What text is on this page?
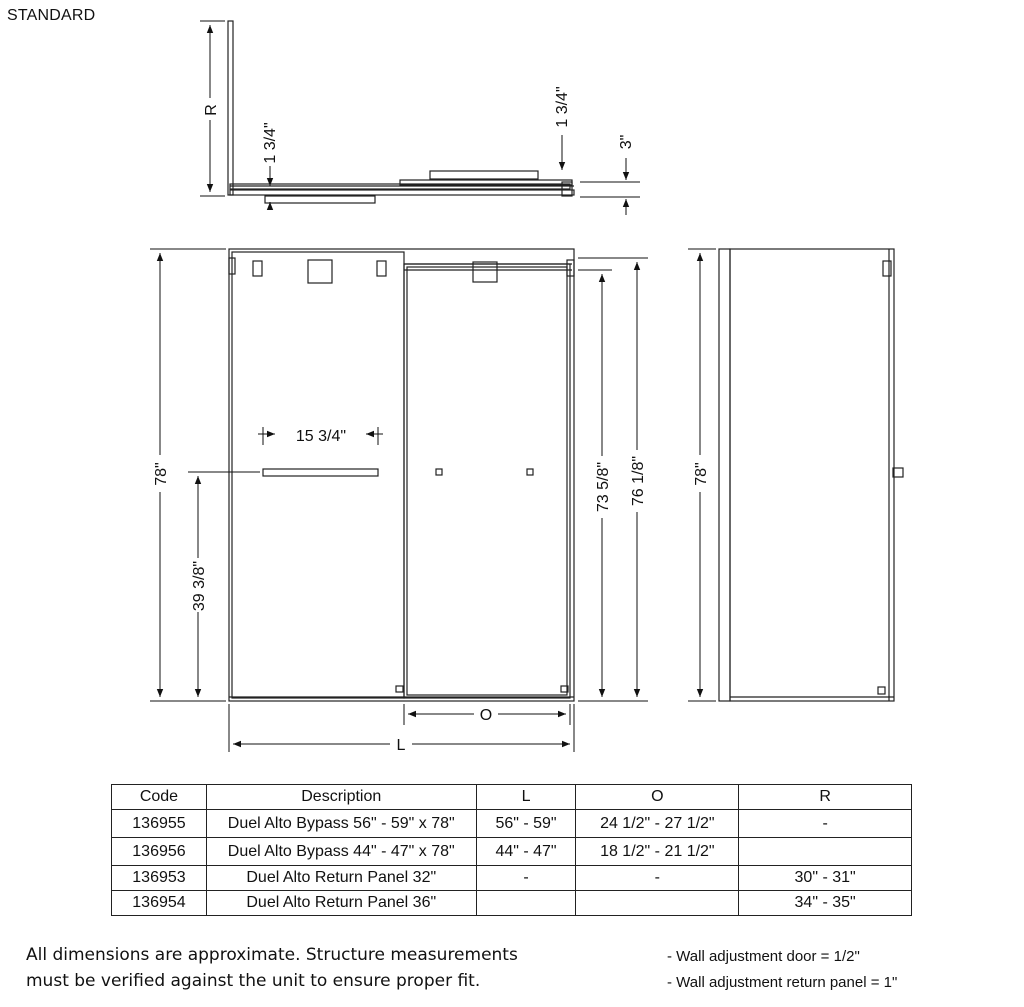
STANDARD
R
1 3/4"
1 3/4"
3"
78"
39 3/8"
15 3/4"
73 5/8" 76 1/8"
O
L
78"
Code	Description	L	O	R
136955	Duel Alto Bypass 56" - 59" x 78"	56" - 59"	24 1/2" - 27 1/2"	-
136956	Duel Alto Bypass 44" - 47" x 78"	44" - 47"	18 1/2" - 21 1/2"	
136953	Duel Alto Return Panel 32"	-	-	30" - 31"
136954	Duel Alto Return Panel 36"			34" - 35"
All dimensions are approximate. Structure measurements
must be verified against the unit to ensure proper fit.
- Wall adjustment door = 1/2"
- Wall adjustment return panel = 1"
